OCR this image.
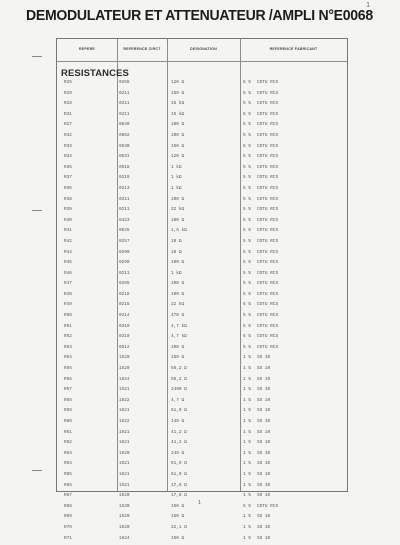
1
DEMODULATEUR ET ATTENUATEUR /AMPLI N°E0068
REPERE	REFERENCE CIRCT	DESIGNATION	REFERENCE FABRICANT
RESISTANCES
R25	0256	120 Ω	5 % COTU RCS
R29	0211	150 Ω	5 % COTU RCS
R28	0211	15 kΩ	5 % COTU RCS
R31	0211	15 kΩ	5 % COTU RCS
R27	0849	100 Ω	5 % COTU RCS
R32	0602	100 Ω	5 % COTU RCS
R33	0530	150 Ω	5 % COTU RCS
R34	0531	120 Ω	5 % COTU RCS
R35	0518	1 kΩ	5 % COTU RCS
R37	0219	1 kΩ	5 % COTU RCS
R36	0213	1 kΩ	5 % COTU RCS
R38	0211	100 Ω	5 % COTU RCS
R39	0211	22 kΩ	5 % COTU RCS
R40	0423	100 Ω	5 % COTU RCS
R41	0525	1,5 kΩ	5 % COTU RCS
R42	0257	10 Ω	5 % COTU RCS
R44	0290	10 Ω	5 % COTU RCS
R45	0290	100 Ω	5 % COTU RCS
R46	0211	1 kΩ	5 % COTU RCS
R47	0285	100 Ω	5 % COTU RCS
R48	0218	100 Ω	5 % COTU RCS
R49	0215	22 kΩ	5 % COTU RCS
R50	0214	470 Ω	5 % COTU RCS
R51	0310	4,7 kΩ	5 % COTU RCS
R52	0310	4,7 kΩ	5 % COTU RCS
R53	0512	100 Ω	5 % COTU RCS
R54	1520	150 Ω	1 % SS 10
R55	1520	56,2 Ω	1 % SS 10
R56	1524	56,2 Ω	1 % SS 10
R57	1521	2490 Ω	1 % SS 10
R58	1622	4,7 Ω	1 % SS 10
R59	1621	61,9 Ω	1 % SS 10
R60	1622	140 Ω	1 % SS 10
R61	1621	41,2 Ω	1 % SS 10
R62	1621	41,2 Ω	1 % SS 10
R63	1620	249 Ω	1 % SS 10
R64	1621	61,9 Ω	1 % SS 10
R65	1621	61,9 Ω	1 % SS 10
R66	1521	17,8 Ω	1 % SS 10
R67	1520	17,8 Ω	1 % SS 10
R68	1530	150 Ω	5 % COTU RCS
R69	1520	150 Ω	1 % SS 10
R70	1520	22,1 Ω	1 % SS 10
R71	1624	150 Ω	1 % SS 10
1
